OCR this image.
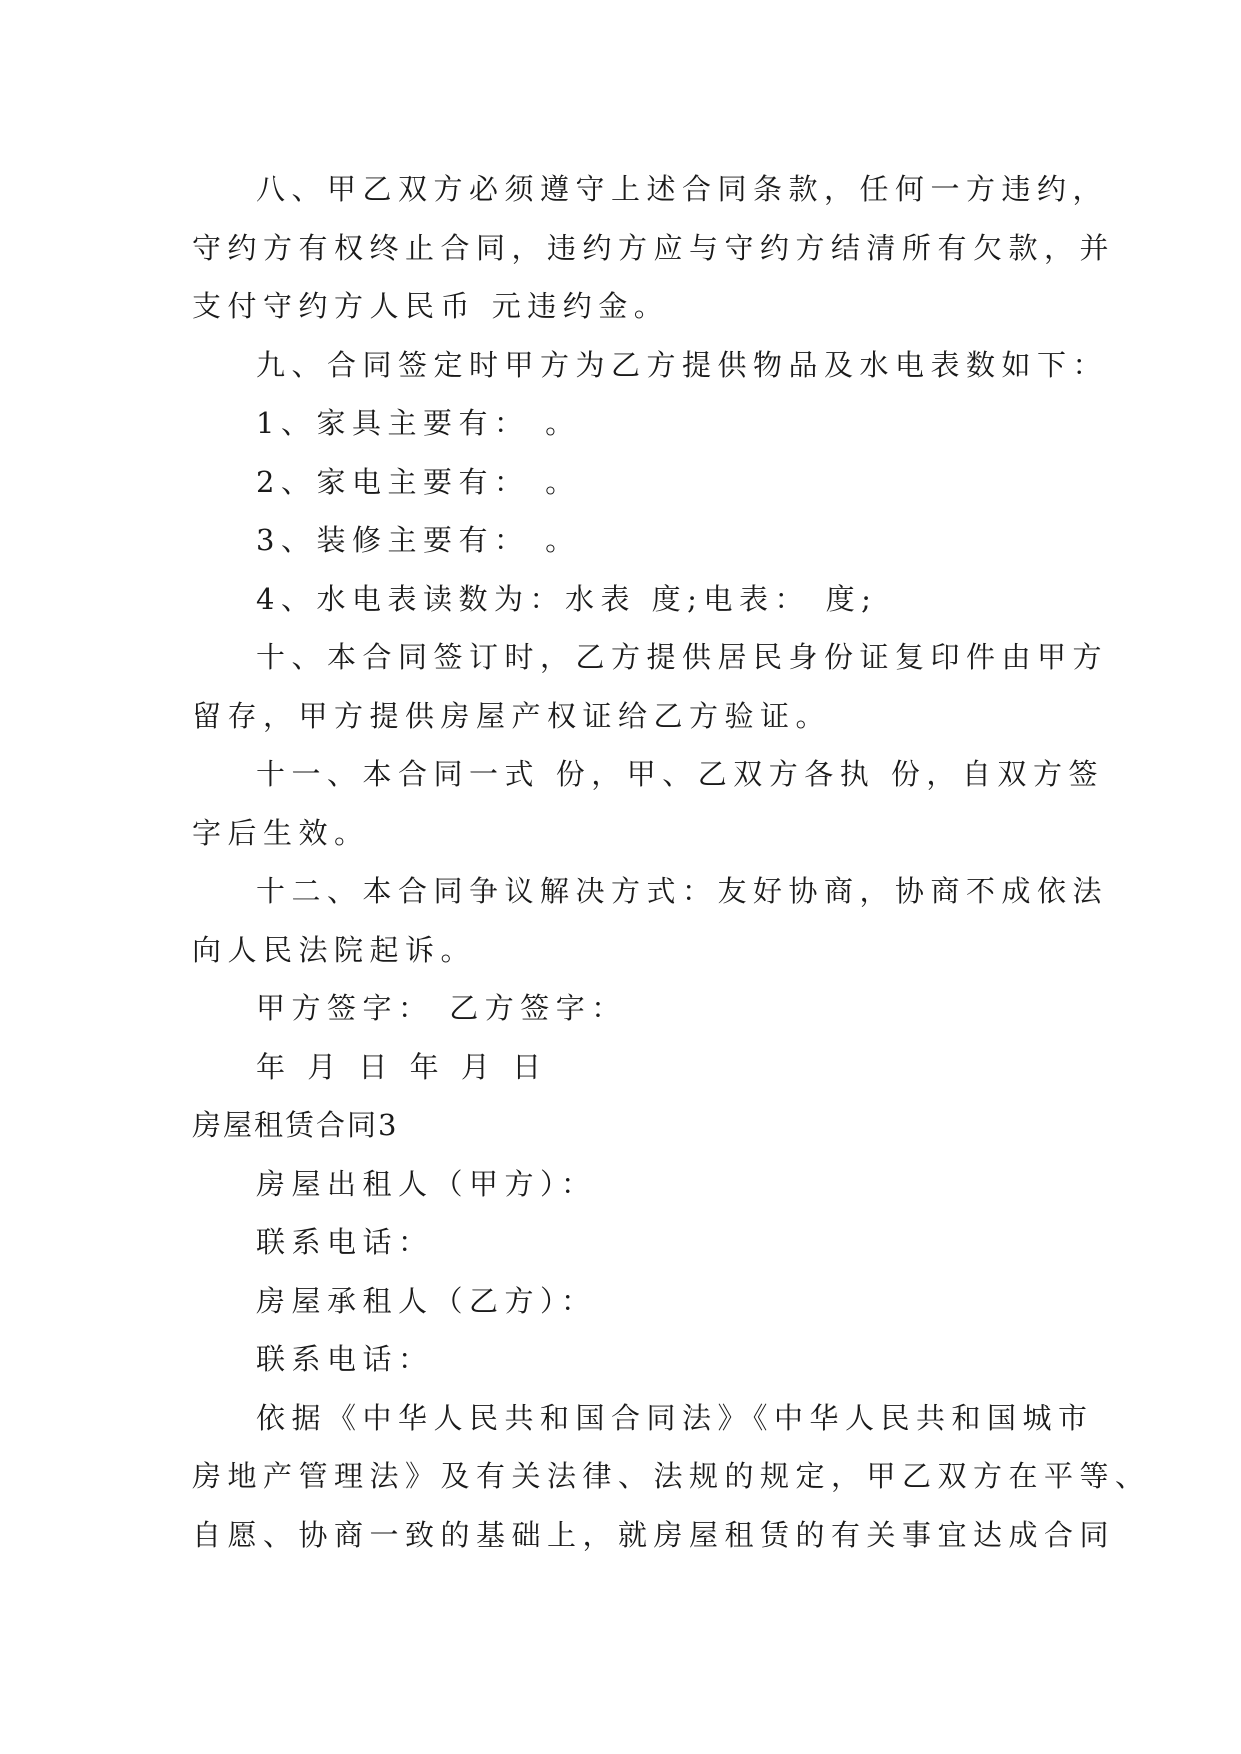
八、甲乙双方必须遵守上述合同条款，任何一方违约，
守约方有权终止合同，违约方应与守约方结清所有欠款，并
支付守约方人民币 元违约金。
九、合同签定时甲方为乙方提供物品及水电表数如下：
1、家具主要有： 。
2、家电主要有： 。
3、装修主要有： 。
4、水电表读数为：水表 度;电表： 度;
十、本合同签订时，乙方提供居民身份证复印件由甲方
留存，甲方提供房屋产权证给乙方验证。
十一、本合同一式 份，甲、乙双方各执 份，自双方签
字后生效。
十二、本合同争议解决方式：友好协商，协商不成依法
向人民法院起诉。
甲方签字： 乙方签字：
年 月 日 年 月 日
房屋租赁合同3
房屋出租人（甲方）：
联系电话：
房屋承租人（乙方）：
联系电话：
依据《中华人民共和国合同法》《中华人民共和国城市
房地产管理法》及有关法律、法规的规定，甲乙双方在平等、
自愿、协商一致的基础上，就房屋租赁的有关事宜达成合同
